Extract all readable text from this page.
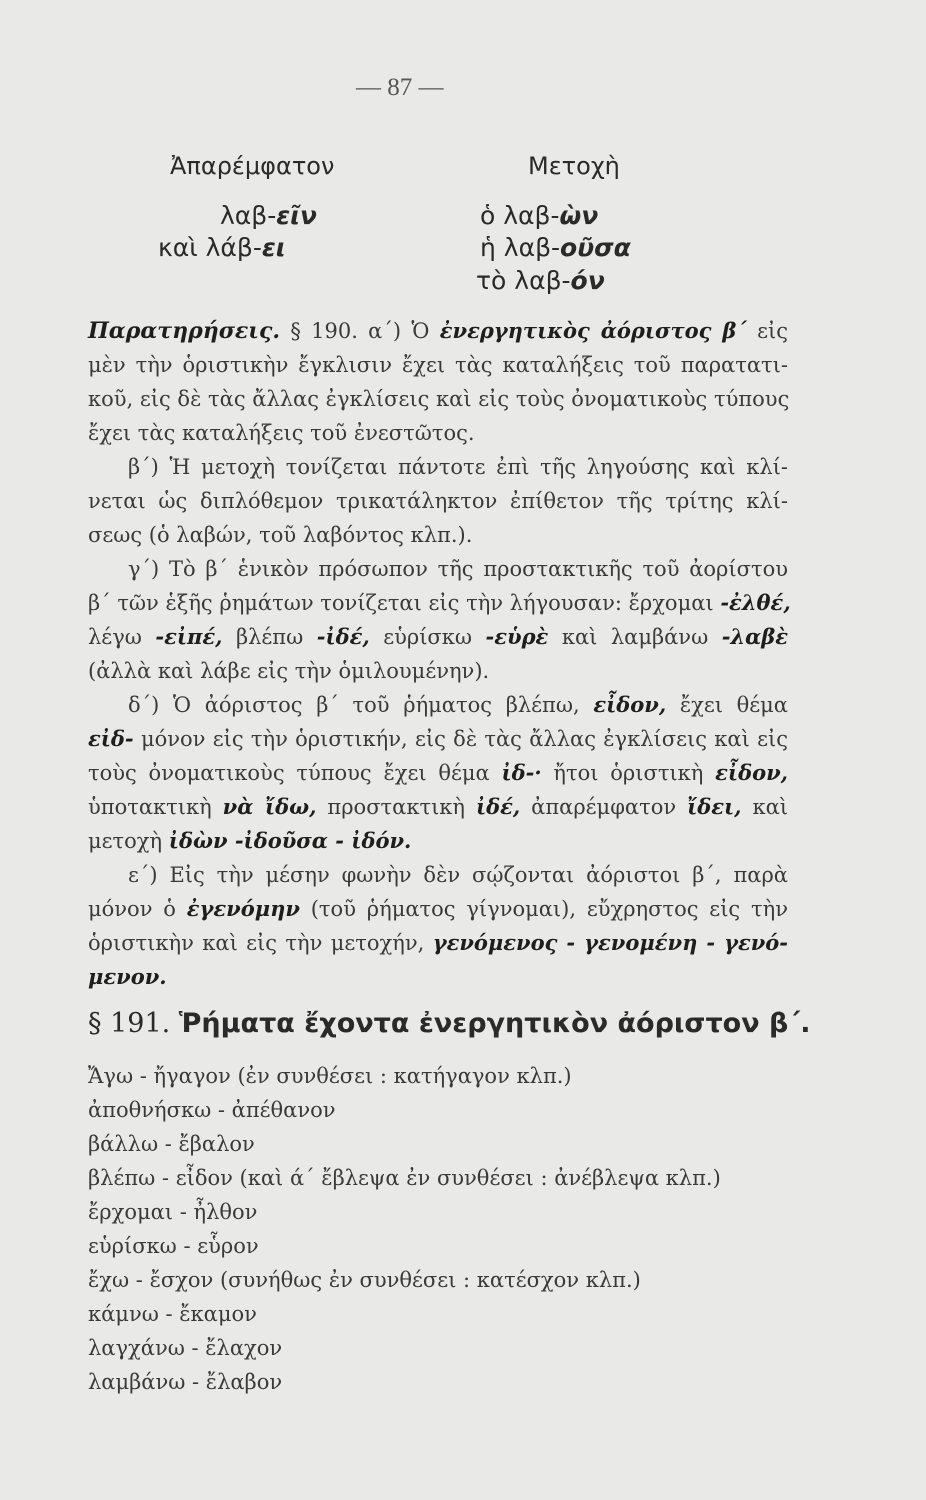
— 87 —
Ἀπαρέμφατον	Μετοχὴ
λαβ-εῖν
καὶ λάβ-ει
ὁ λαβ-ὼν
ἡ λαβ-οῦσα
τὸ λαβ-όν
Παρατηρήσεις. § 190. α΄) Ὁ ἐνεργητικὸς ἀόριστος β΄ εἰς
μὲν τὴν ὁριστικὴν ἔγκλισιν ἔχει τὰς καταλήξεις τοῦ παρατατι-
κοῦ, εἰς δὲ τὰς ἄλλας ἐγκλίσεις καὶ εἰς τοὺς ὀνοματικοὺς τύπους
ἔχει τὰς καταλήξεις τοῦ ἐνεστῶτος.
β΄) Ἡ μετοχὴ τονίζεται πάντοτε ἐπὶ τῆς ληγούσης καὶ κλί-
νεται ὡς διπλόθεμον τρικατάληκτον ἐπίθετον τῆς τρίτης κλί-
σεως (ὁ λαβών, τοῦ λαβόντος κλπ.).
γ΄) Τὸ β΄ ἑνικὸν πρόσωπον τῆς προστακτικῆς τοῦ ἀορίστου
β΄ τῶν ἑξῆς ῥημάτων τονίζεται εἰς τὴν λήγουσαν: ἔρχομαι -ἐλθέ,
λέγω -εἰπέ, βλέπω -ἰδέ, εὑρίσκω -εὑρὲ καὶ λαμβάνω -λαβὲ
(ἀλλὰ καὶ λάβε εἰς τὴν ὁμιλουμένην).
δ΄) Ὁ ἀόριστος β΄ τοῦ ῥήματος βλέπω, εἶδον, ἔχει θέμα
εἰδ- μόνον εἰς τὴν ὁριστικήν, εἰς δὲ τὰς ἄλλας ἐγκλίσεις καὶ εἰς
τοὺς ὀνοματικοὺς τύπους ἔχει θέμα ἰδ-· ἤτοι ὁριστικὴ εἶδον,
ὑποτακτικὴ νὰ ἴδω, προστακτικὴ ἰδέ, ἀπαρέμφατον ἴδει, καὶ
μετοχὴ ἰδὼν -ἰδοῦσα - ἰδόν.
ε΄) Εἰς τὴν μέσην φωνὴν δὲν σῴζονται ἀόριστοι β΄, παρὰ
μόνον ὁ ἐγενόμην (τοῦ ῥήματος γίγνομαι), εὔχρηστος εἰς τὴν
ὁριστικὴν καὶ εἰς τὴν μετοχήν, γενόμενος - γενομένη - γενό-
μενον.
§ 191. Ῥήματα ἔχοντα ἐνεργητικὸν ἀόριστον β΄.
Ἄγω - ἤγαγον (ἐν συνθέσει : κατήγαγον κλπ.)
ἀποθνήσκω - ἀπέθανον
βάλλω - ἔβαλον
βλέπω - εἶδον (καὶ ά΄ ἔβλεψα ἐν συνθέσει : ἀνέβλεψα κλπ.)
ἔρχομαι - ἦλθον
εὑρίσκω - εὗρον
ἔχω - ἔσχον (συνήθως ἐν συνθέσει : κατέσχον κλπ.)
κάμνω - ἔκαμον
λαγχάνω - ἔλαχον
λαμβάνω - ἔλαβον
